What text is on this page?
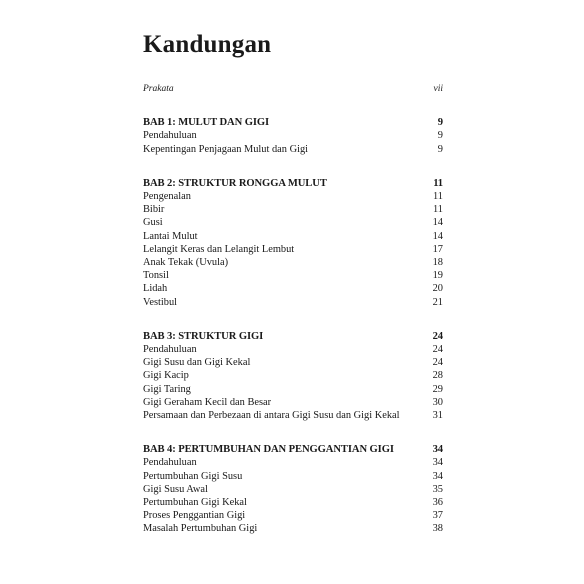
Kandungan
Prakata	vii
BAB 1: MULUT DAN GIGI	9
Pendahuluan	9
Kepentingan Penjagaan Mulut dan Gigi	9
BAB 2: STRUKTUR RONGGA MULUT	11
Pengenalan	11
Bibir	11
Gusi	14
Lantai Mulut	14
Lelangit Keras dan Lelangit Lembut	17
Anak Tekak (Uvula)	18
Tonsil	19
Lidah	20
Vestibul	21
BAB 3: STRUKTUR GIGI	24
Pendahuluan	24
Gigi Susu dan Gigi Kekal	24
Gigi Kacip	28
Gigi Taring	29
Gigi Geraham Kecil dan Besar	30
Persamaan dan Perbezaan di antara Gigi Susu dan Gigi Kekal	31
BAB 4: PERTUMBUHAN DAN PENGGANTIAN GIGI	34
Pendahuluan	34
Pertumbuhan Gigi Susu	34
Gigi Susu Awal	35
Pertumbuhan Gigi Kekal	36
Proses Penggantian Gigi	37
Masalah Pertumbuhan Gigi	38
